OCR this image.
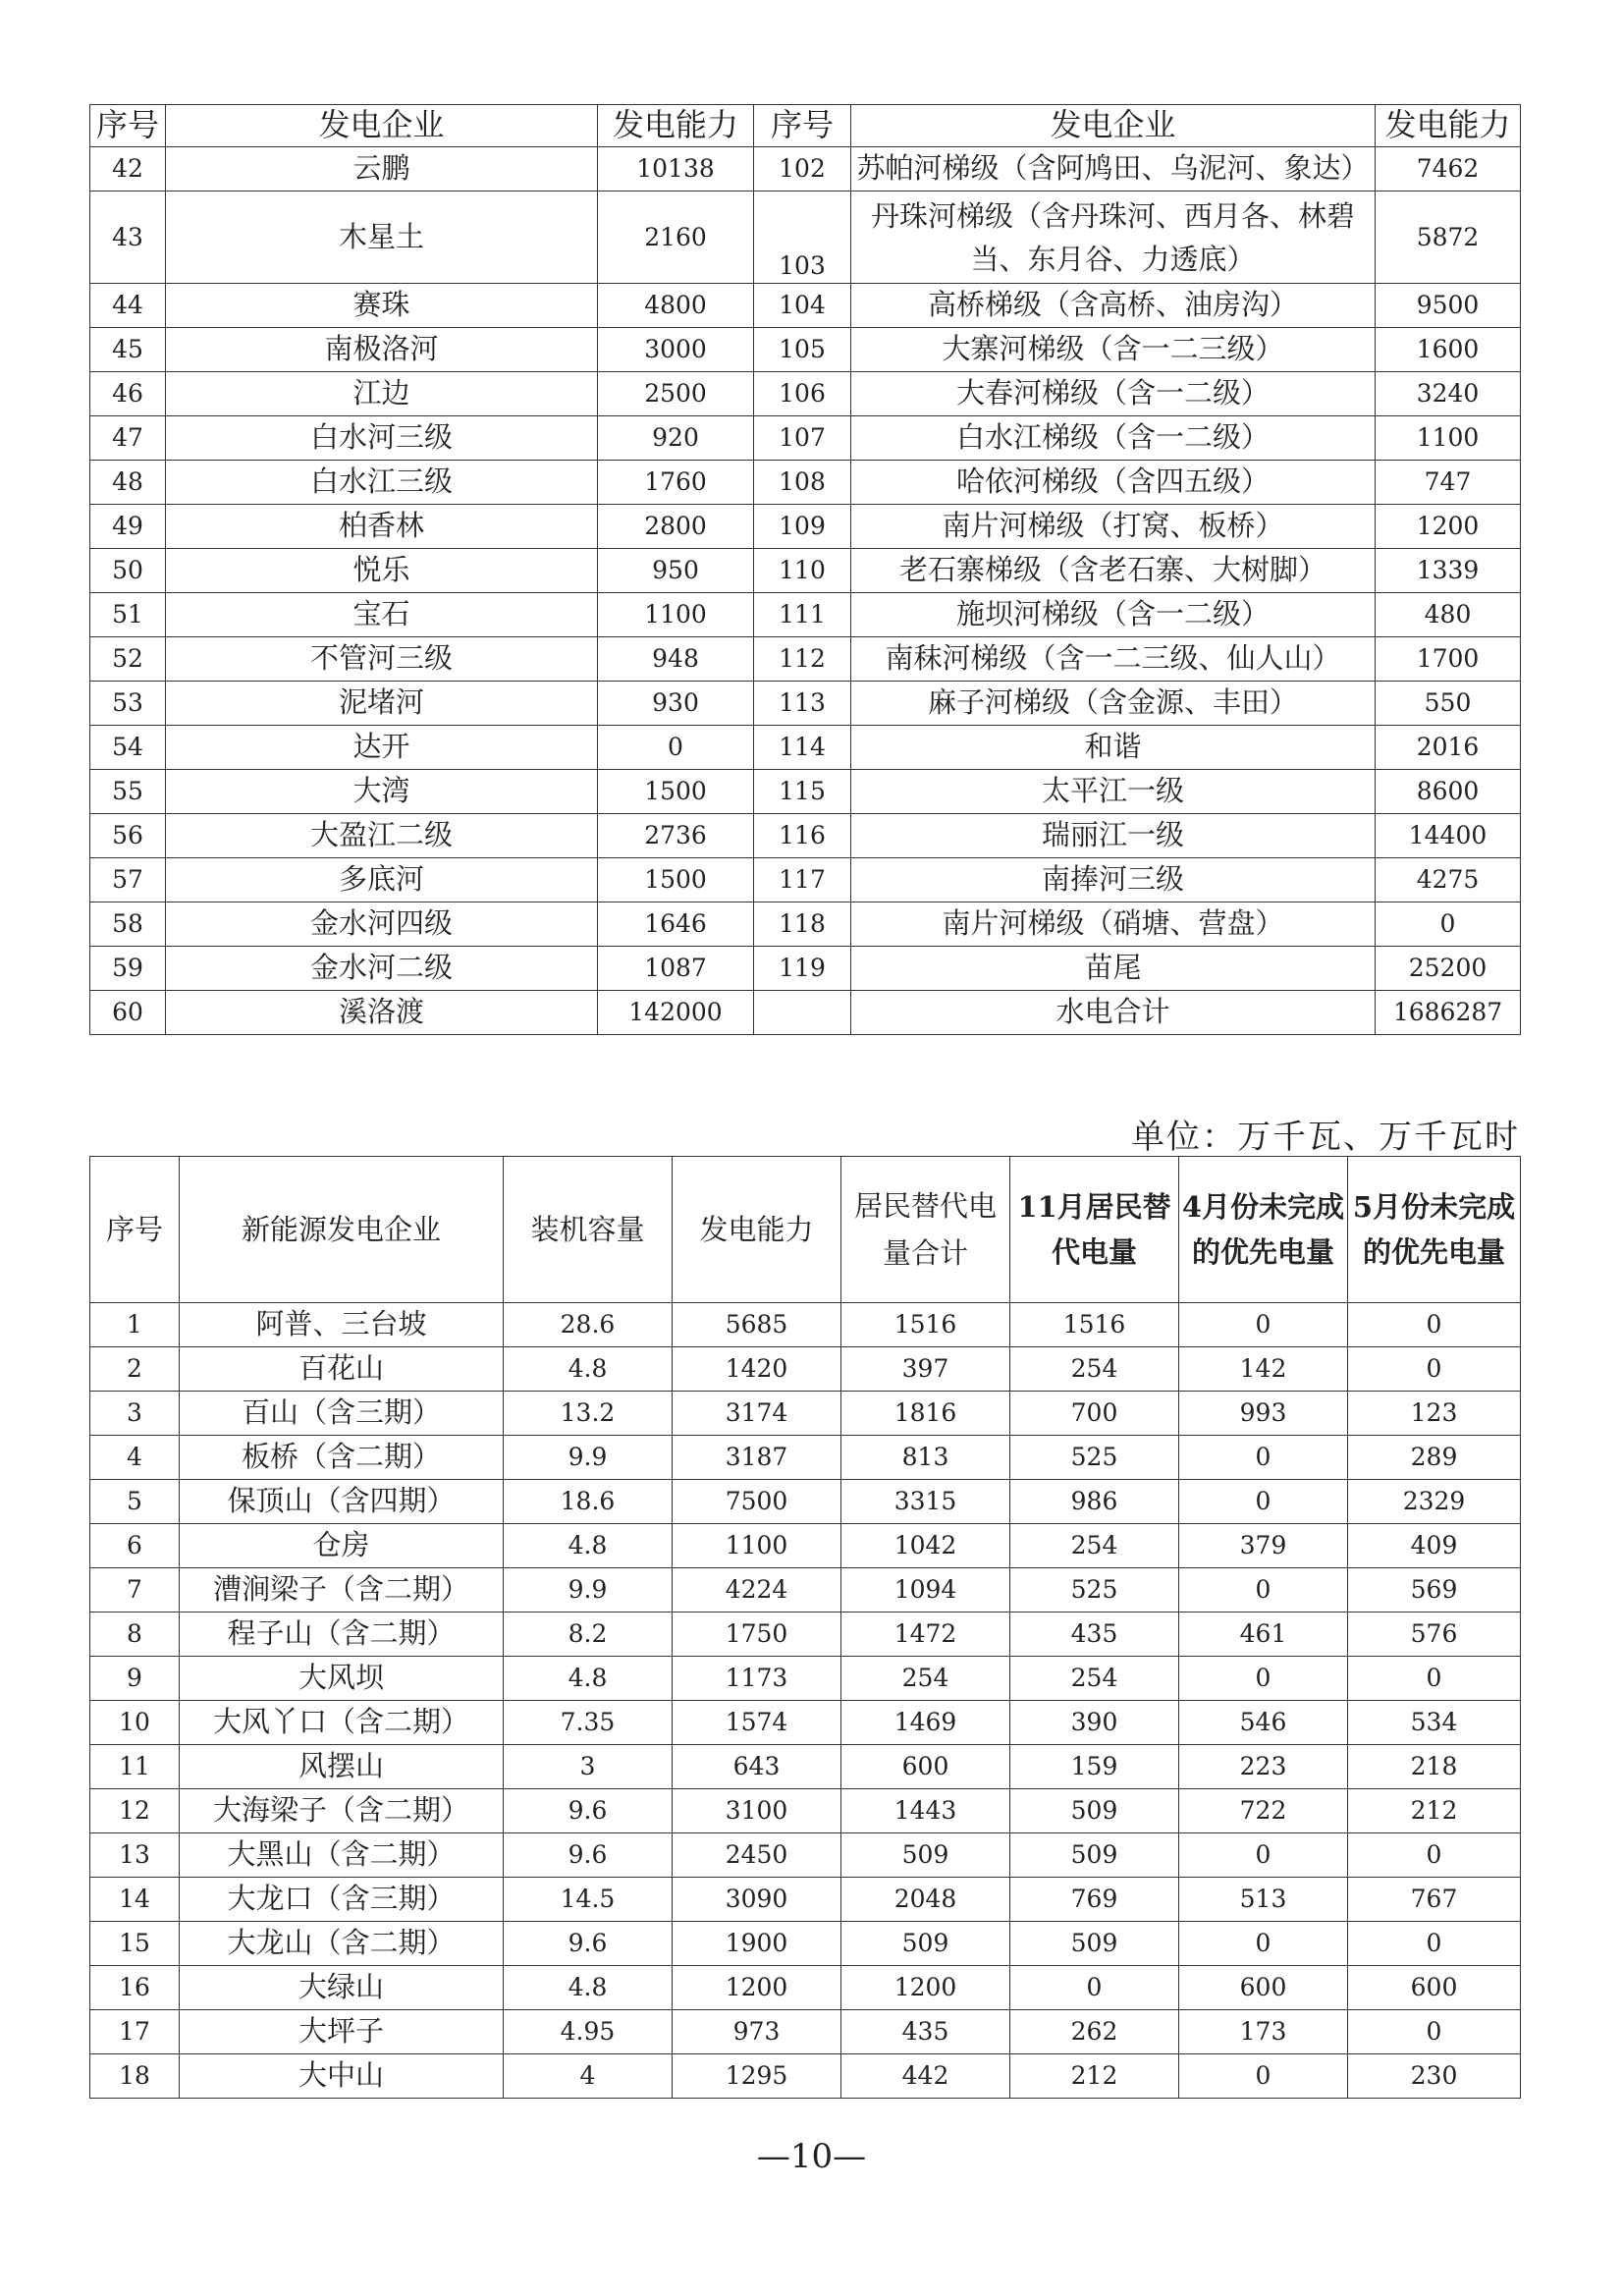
序号	发电企业	发电能力	序号	发电企业	发电能力
42	云鹏	10138	102	苏帕河梯级（含阿鸠田、乌泥河、象达）	7462
43	木星土	2160	103	丹珠河梯级（含丹珠河、西月各、林碧当、东月谷、力透底）	5872
44	赛珠	4800	104	高桥梯级（含高桥、油房沟）	9500
45	南极洛河	3000	105	大寨河梯级（含一二三级）	1600
46	江边	2500	106	大春河梯级（含一二级）	3240
47	白水河三级	920	107	白水江梯级（含一二级）	1100
48	白水江三级	1760	108	哈依河梯级（含四五级）	747
49	柏香林	2800	109	南片河梯级（打窝、板桥）	1200
50	悦乐	950	110	老石寨梯级（含老石寨、大树脚）	1339
51	宝石	1100	111	施坝河梯级（含一二级）	480
52	不管河三级	948	112	南秣河梯级（含一二三级、仙人山）	1700
53	泥堵河	930	113	麻子河梯级（含金源、丰田）	550
54	达开	0	114	和谐	2016
55	大湾	1500	115	太平江一级	8600
56	大盈江二级	2736	116	瑞丽江一级	14400
57	多底河	1500	117	南捧河三级	4275
58	金水河四级	1646	118	南片河梯级（硝塘、营盘）	0
59	金水河二级	1087	119	苗尾	25200
60	溪洛渡	142000		水电合计	1686287
单位：万千瓦、万千瓦时
序号	新能源发电企业	装机容量	发电能力	居民替代电量合计	11月居民替代电量	4月份未完成的优先电量	5月份未完成的优先电量
1	阿普、三台坡	28.6	5685	1516	1516	0	0
2	百花山	4.8	1420	397	254	142	0
3	百山（含三期）	13.2	3174	1816	700	993	123
4	板桥（含二期）	9.9	3187	813	525	0	289
5	保顶山（含四期）	18.6	7500	3315	986	0	2329
6	仓房	4.8	1100	1042	254	379	409
7	漕涧梁子（含二期）	9.9	4224	1094	525	0	569
8	程子山（含二期）	8.2	1750	1472	435	461	576
9	大风坝	4.8	1173	254	254	0	0
10	大风丫口（含二期）	7.35	1574	1469	390	546	534
11	风摆山	3	643	600	159	223	218
12	大海梁子（含二期）	9.6	3100	1443	509	722	212
13	大黑山（含二期）	9.6	2450	509	509	0	0
14	大龙口（含三期）	14.5	3090	2048	769	513	767
15	大龙山（含二期）	9.6	1900	509	509	0	0
16	大绿山	4.8	1200	1200	0	600	600
17	大坪子	4.95	973	435	262	173	0
18	大中山	4	1295	442	212	0	230
—10—
